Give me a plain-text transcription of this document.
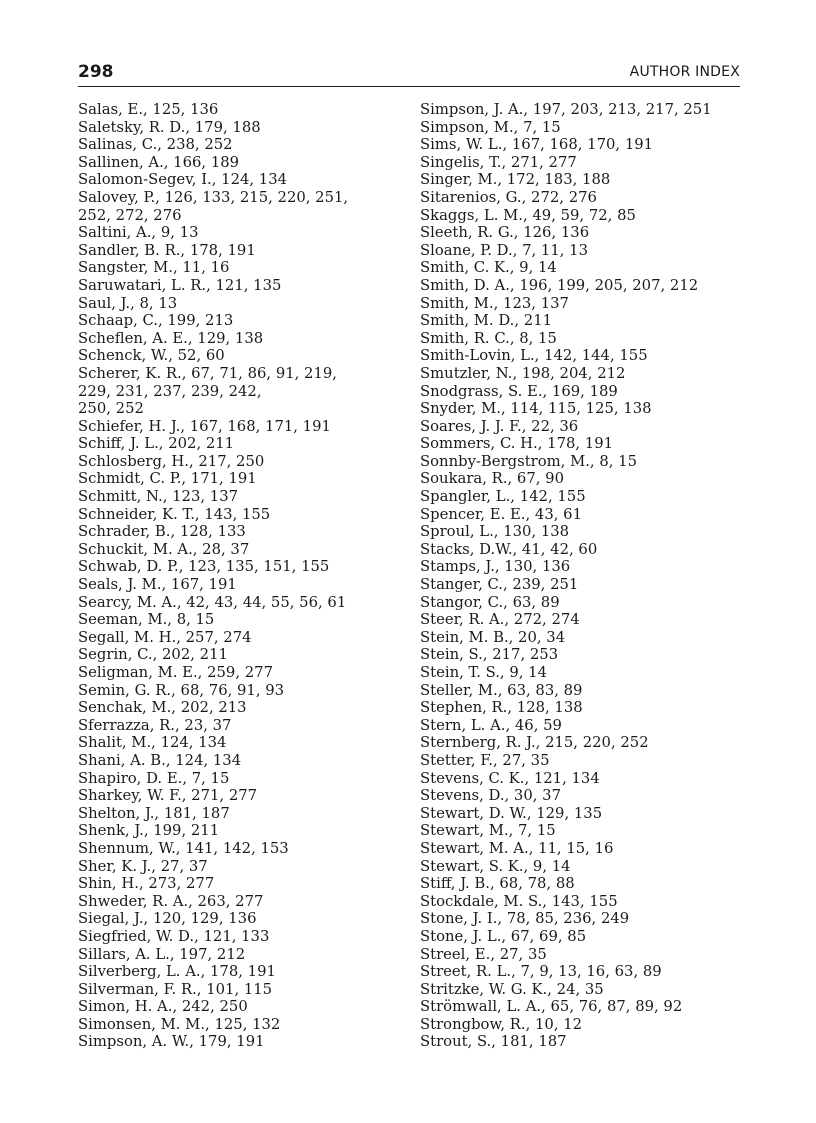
298	AUTHOR INDEX

Salas, E., 125, 136

Saletsky, R. D., 179, 188

Salinas, C., 238, 252

Sallinen, A., 166, 189

Salomon-Segev, I., 124, 134

Salovey, P., 126, 133, 215, 220, 251,
252, 272, 276

Saltini, A., 9, 13

Sandler, B. R., 178, 191

Sangster, M., 11, 16

Saruwatari, L. R., 121, 135

Saul, J., 8, 13

Schaap, C., 199, 213

Scheflen, A. E., 129, 138

Schenck, W., 52, 60

Scherer, K. R., 67, 71, 86, 91, 219,
229, 231, 237, 239, 242,
250, 252

Schiefer, H. J., 167, 168, 171, 191

Schiff, J. L., 202, 211

Schlosberg, H., 217, 250

Schmidt, C. P., 171, 191

Schmitt, N., 123, 137

Schneider, K. T., 143, 155

Schrader, B., 128, 133

Schuckit, M. A., 28, 37

Schwab, D. P., 123, 135, 151, 155

Seals, J. M., 167, 191

Searcy, M. A., 42, 43, 44, 55, 56, 61

Seeman, M., 8, 15

Segall, M. H., 257, 274

Segrin, C., 202, 211

Seligman, M. E., 259, 277

Semin, G. R., 68, 76, 91, 93

Senchak, M., 202, 213

Sferrazza, R., 23, 37

Shalit, M., 124, 134

Shani, A. B., 124, 134

Shapiro, D. E., 7, 15

Sharkey, W. F., 271, 277

Shelton, J., 181, 187

Shenk, J., 199, 211

Shennum, W., 141, 142, 153

Sher, K. J., 27, 37

Shin, H., 273, 277

Shweder, R. A., 263, 277

Siegal, J., 120, 129, 136

Siegfried, W. D., 121, 133

Sillars, A. L., 197, 212

Silverberg, L. A., 178, 191

Silverman, F. R., 101, 115

Simon, H. A., 242, 250

Simonsen, M. M., 125, 132

Simpson, A. W., 179, 191

Simpson, J. A., 197, 203, 213, 217, 251

Simpson, M., 7, 15

Sims, W. L., 167, 168, 170, 191

Singelis, T., 271, 277

Singer, M., 172, 183, 188

Sitarenios, G., 272, 276

Skaggs, L. M., 49, 59, 72, 85

Sleeth, R. G., 126, 136

Sloane, P. D., 7, 11, 13

Smith, C. K., 9, 14

Smith, D. A., 196, 199, 205, 207, 212

Smith, M., 123, 137

Smith, M. D., 211

Smith, R. C., 8, 15

Smith-Lovin, L., 142, 144, 155

Smutzler, N., 198, 204, 212

Snodgrass, S. E., 169, 189

Snyder, M., 114, 115, 125, 138

Soares, J. J. F., 22, 36

Sommers, C. H., 178, 191

Sonnby-Bergstrom, M., 8, 15

Soukara, R., 67, 90

Spangler, L., 142, 155

Spencer, E. E., 43, 61

Sproul, L., 130, 138

Stacks, D.W., 41, 42, 60

Stamps, J., 130, 136

Stanger, C., 239, 251

Stangor, C., 63, 89

Steer, R. A., 272, 274

Stein, M. B., 20, 34

Stein, S., 217, 253

Stein, T. S., 9, 14

Steller, M., 63, 83, 89

Stephen, R., 128, 138

Stern, L. A., 46, 59

Sternberg, R. J., 215, 220, 252

Stetter, F., 27, 35

Stevens, C. K., 121, 134

Stevens, D., 30, 37

Stewart, D. W., 129, 135

Stewart, M., 7, 15

Stewart, M. A., 11, 15, 16

Stewart, S. K., 9, 14

Stiff, J. B., 68, 78, 88

Stockdale, M. S., 143, 155

Stone, J. I., 78, 85, 236, 249

Stone, J. L., 67, 69, 85

Streel, E., 27, 35

Street, R. L., 7, 9, 13, 16, 63, 89

Stritzke, W. G. K., 24, 35

Strömwall, L. A., 65, 76, 87, 89, 92

Strongbow, R., 10, 12

Strout, S., 181, 187
